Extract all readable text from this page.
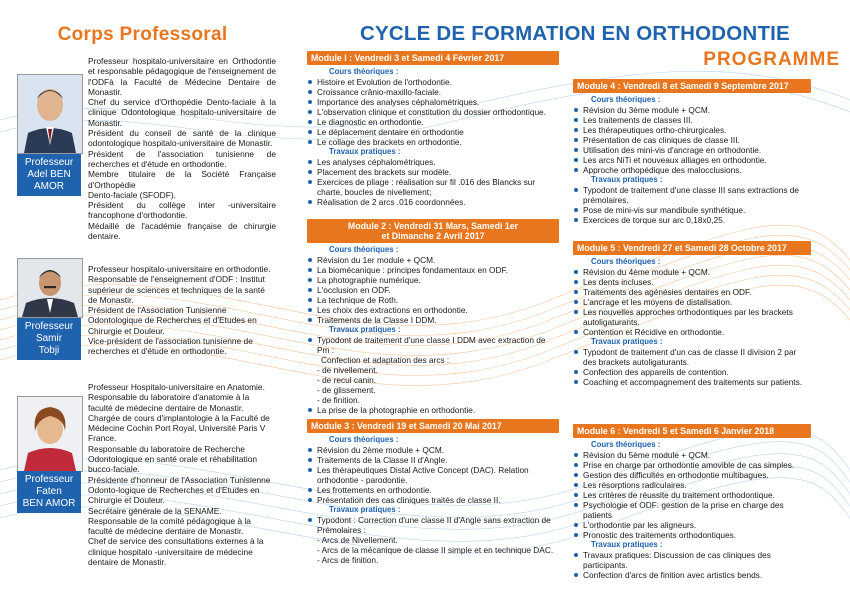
Corps Professoral
Professeur
Adel BEN
AMOR
Professeur hospitalo-universitaire en Orthodontie et responsable pédagogique de l'enseignement de l'ODFà la Faculté de Médecine Dentaire de Monastir.
Chef du service d'Orthopédie Dento-faciale à la clinique Odontologique hospitalo-universitaire de Monastir.
Président du conseil de santé de la clinique odontologique hospitalo-universitaire de Monastir.
Président de l'association tunisienne de recherches et d'étude en orthodontie.
Membre titulaire de la Société Française d'Orthopédie
Dento-faciale (SFODF).
Président du collège inter -universitaire francophone d'orthodontie.
Médaillé de l'académie française de chirurgie dentaire.
Professeur
Samir
Tobji
Professeur hospitalo-universitaire en orthodontie.
Responsable de l'enseignement d'ODF : Institut supérieur de sciences et techniques de la santé de Monastir.
Président de l'Association Tunisienne Odontologique de Recherches et d'Etudes en Chirurgie et Douleur.
Vice-président de l'association tunisienne de recherches et d'étude en orthodontie.
Professeur
Faten
BEN AMOR
Professeur Hospitalo-universitaire en Anatomie.
Responsable du laboratoire d'anatomie à la faculté de médecine dentaire de Monastir.
Chargée de cours d'implantologie à la Faculté de Médecine Cochin Port Royal, Université Paris V France.
Responsable du laboratoire de Recherche Odontologique en santé orale et réhabilitation bucco-faciale.
Présidente d'honneur de l'Association Tunisienne Odonto-logique de Recherches et d'Etudes en Chirurgie et Douleur.
Secrétaire générale de la SENAME.
Responsable de la comité pédagogique à la faculté de médecine dentaire de Monastir.
Chef de service des consultations externes à la clinique hospitalo -universitaire de médecine dentaire de Monastir.
CYCLE DE FORMATION EN ORTHODONTIE
PROGRAMME
Module I : Vendredi 3 et Samedi 4 Février 2017
Cours théoriques :
Histoire et Evolution de l'orthodontie.
Croissance crânio-maxillo-faciale.
Importance des analyses céphalométriques.
L'observation clinique et constitution du dossier orthodontique.
Le diagnostic en orthodontie.
Le déplacement dentaire en orthodontie
Le collage des brackets en orthodontie.
Travaux pratiques :
Les analyses céphalométriques.
Placement des brackets sur modèle.
Exercices de pliage : réalisation sur fil .016 des Blancks sur charte, boucles de nivellement;
Réalisation de 2 arcs .016 coordonnées.
Module 2 : Vendredi 31 Mars, Samedi 1er
et Dimanche 2 Avril 2017
Cours théoriques :
Révision du 1er module + QCM.
La biomécanique : principes fondamentaux en ODF.
La photographie numérique.
L'occlusion en ODF.
La technique de Roth.
Les choix des extractions en orthodontie.
Traitements de la Classe I DDM.
Travaux pratiques :
Typodont de traitement d'une classe I DDM avec extraction de Pm :
Confection et adaptation des arcs :
- de nivellement.
- de recul canin.
- de glissement.
- de finition.
La prise de la photographie en orthodontie.
Module 3 : Vendredi 19 et Samedi 20 Mai 2017
Cours théoriques :
Révision du 2ème module + QCM.
Traitements de la Classe II d'Angle.
Les thérapeutiques Distal Active Concept (DAC). Relation orthodontie - parodontie.
Les frottements en orthodontie.
Présentation des cas cliniques traités de classe II.
Travaux pratiques :
Typodont : Correction d'une classe II d'Angle sans extraction de Prémolaires :
- Arcs de Nivellement.
- Arcs de la mécanique de classe II simple et en technique DAC.
- Arcs de finition.
Module 4 : Vendredi 8 et Samedi 9 Septembre 2017
Cours théoriques :
Révision du 3ème module + QCM.
Les traitements de classes III.
Les thérapeutiques ortho-chirurgicales.
Présentation de cas cliniques de classe III.
Utilisation des mini-vis d'ancrage en orthodontie.
Les arcs NiTi et nouveaux alliages en orthodontie.
Approche orthopédique des malocclusions.
Travaux pratiques :
Typodont de traitement d'une classe III sans extractions de prémolaires.
Pose de mini-vis sur mandibule synthétique.
Exercices de torque sur arc 0,18x0,25.
Module 5 : Vendredi 27 et Samedi 28 Octobre 2017
Cours théoriques :
Révision du 4ème module + QCM.
Les dents incluses.
Traitements des agénésies dentaires en ODF.
L'ancrage et les moyens de distalisation.
Les nouvelles approches orthodontiques par les brackets autoligaturants.
Contention et Récidive en orthodontie.
Travaux pratiques :
Typodont de traitement d'un cas de classe II division 2 par des brackets autoligaturants.
Confection des appareils de contention.
Coaching et accompagnement des traitements sur patients.
Module 6 : Vendredi 5 et Samedi 6 Janvier 2018
Cours théoriques :
Révision du 5ème module + QCM.
Prise en charge par orthodontie amovible de cas simples.
Gestion des difficultés en orthodontie multibagues.
Les résorptions radiculaires.
Les critères de réussite du traitement orthodontique.
Psychologie et ODF: gestion de la prise en charge des patients
L'orthodontie par les aligneurs.
Pronostic des traitements orthodontiques.
Travaux pratiques :
Travaux pratiques: Discussion de cas cliniques des participants.
Confection d'arcs de finition avec artistics bends.
